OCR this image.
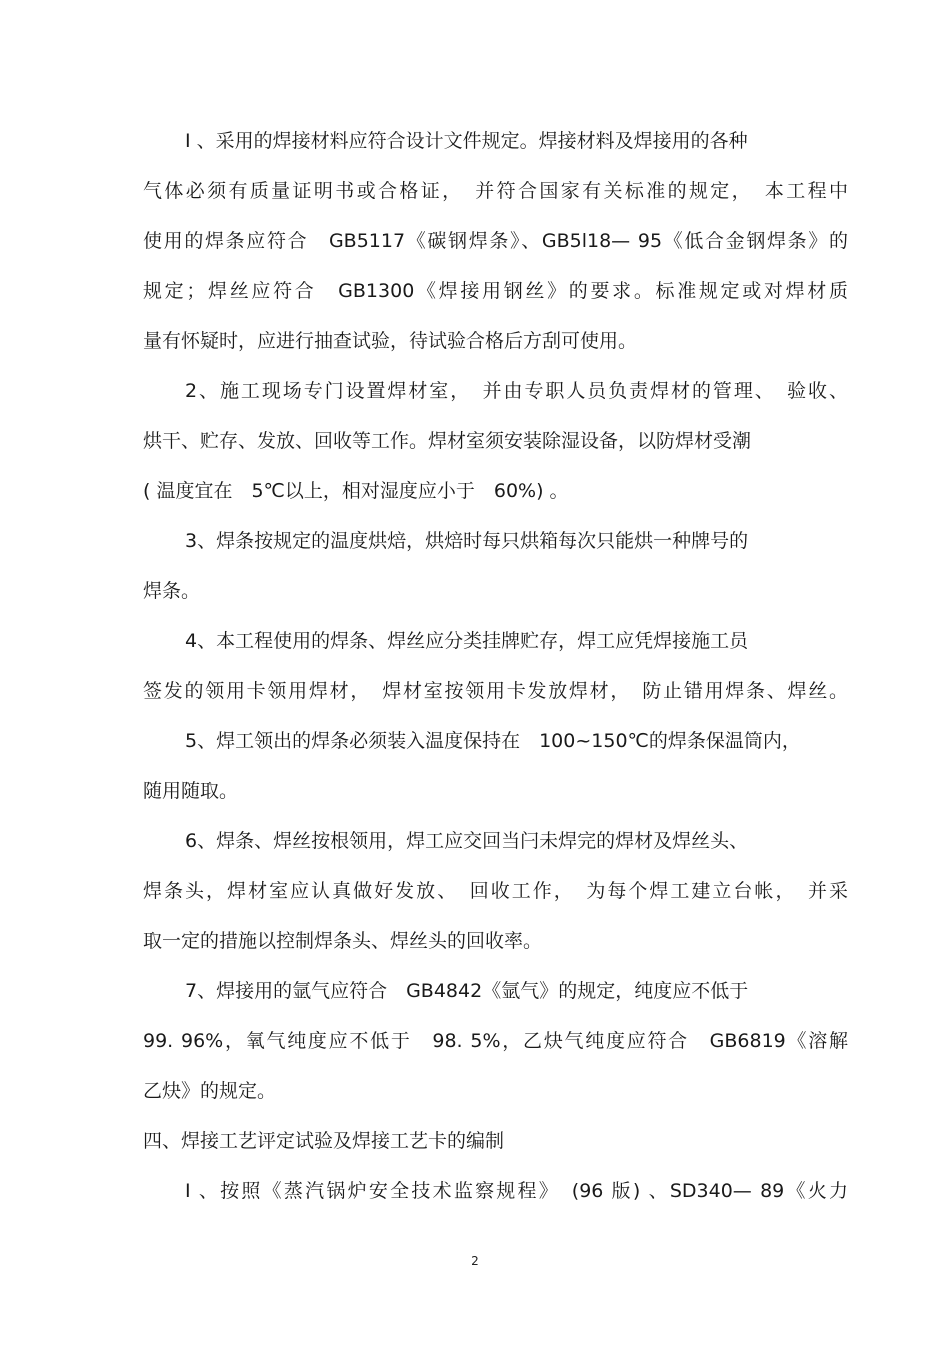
I 、采用的焊接材料应符合设计文件规定。焊接材料及焊接用的各种
气体必须有质量证明书或合格证，　并符合国家有关标准的规定，　本工程中
使用的焊条应符合　GB5117《碳钢焊条》、GB5l18— 95《低合金钢焊条》的
规定；焊丝应符合　GB1300《焊接用钢丝》的要求。标准规定或对焊材质
量有怀疑时，应进行抽查试验，待试验合格后方刮可使用。
2、施工现场专门设置焊材室，　并由专职人员负责焊材的管理、　验收、
烘干、贮存、发放、回收等工作。焊材室须安装除湿设备，以防焊材受潮
( 温度宜在　5℃以上，相对湿度应小于　60%) 。
3、焊条按规定的温度烘焙，烘焙时每只烘箱每次只能烘一种牌号的
焊条。
4、本工程使用的焊条、焊丝应分类挂牌贮存，焊工应凭焊接施工员
签发的领用卡领用焊材，　焊材室按领用卡发放焊材，　防止错用焊条、焊丝。
5、焊工领出的焊条必须装入温度保持在　100~150℃的焊条保温筒内，
随用随取。
6、焊条、焊丝按根领用，焊工应交回当闩未焊完的焊材及焊丝头、
焊条头，焊材室应认真做好发放、　回收工作，　为每个焊工建立台帐，　并采
取一定的措施以控制焊条头、焊丝头的回收率。
7、焊接用的氩气应符合　GB4842《氩气》的规定，纯度应不低于
99. 96%，氧气纯度应不低于　98. 5%，乙炔气纯度应符合　GB6819《溶解
乙炔》的规定。
四、焊接工艺评定试验及焊接工艺卡的编制
I 、按照《蒸汽锅炉安全技术监察规程》　(96 版) 、SD340— 89《火力
2
